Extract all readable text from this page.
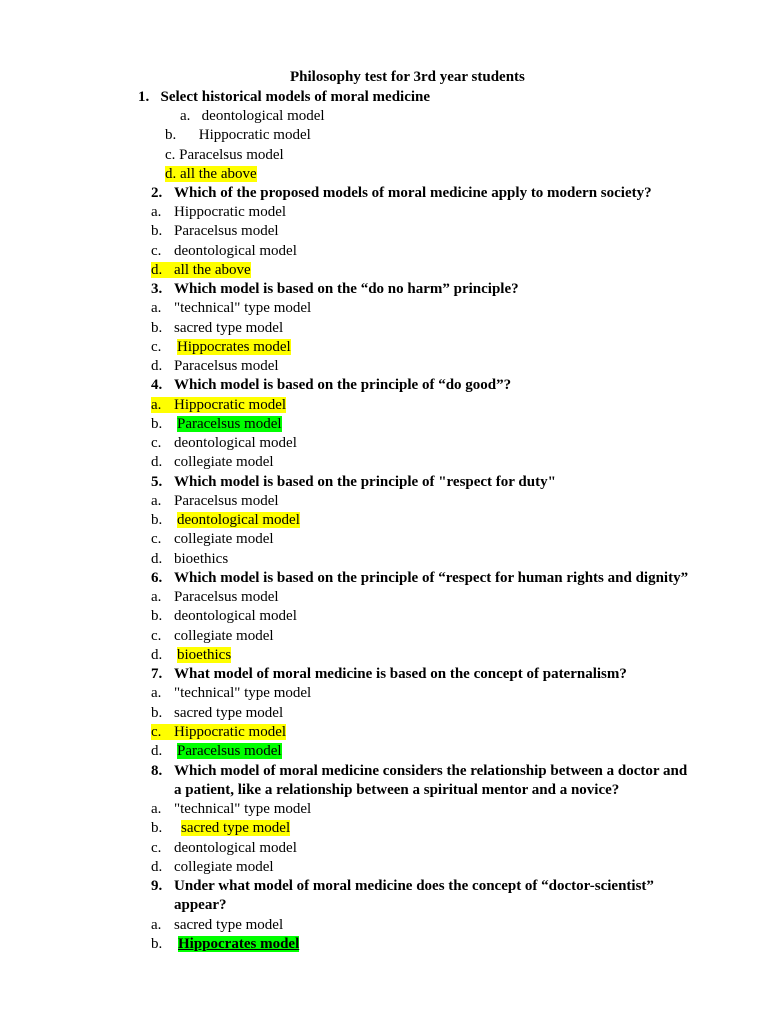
Philosophy test for 3rd year students
1. Select historical models of moral medicine
a. deontological model
b. Hippocratic model
c. Paracelsus model
d. all the above
2. Which of the proposed models of moral medicine apply to modern society?
a. Hippocratic model
b. Paracelsus model
c. deontological model
d. all the above
3. Which model is based on the “do no harm” principle?
a. "technical" type model
b. sacred type model
c. Hippocrates model
d. Paracelsus model
4. Which model is based on the principle of “do good”?
a. Hippocratic model
b. Paracelsus model
c. deontological model
d. collegiate model
5. Which model is based on the principle of "respect for duty"
a. Paracelsus model
b. deontological model
c. collegiate model
d. bioethics
6. Which model is based on the principle of “respect for human rights and dignity”
a. Paracelsus model
b. deontological model
c. collegiate model
d. bioethics
7. What model of moral medicine is based on the concept of paternalism?
a. "technical" type model
b. sacred type model
c. Hippocratic model
d. Paracelsus model
8. Which model of moral medicine considers the relationship between a doctor and
a patient, like a relationship between a spiritual mentor and a novice?
a. "technical" type model
b. sacred type model
c. deontological model
d. collegiate model
9. Under what model of moral medicine does the concept of “doctor-scientist”
appear?
a. sacred type model
b. Hippocrates model
